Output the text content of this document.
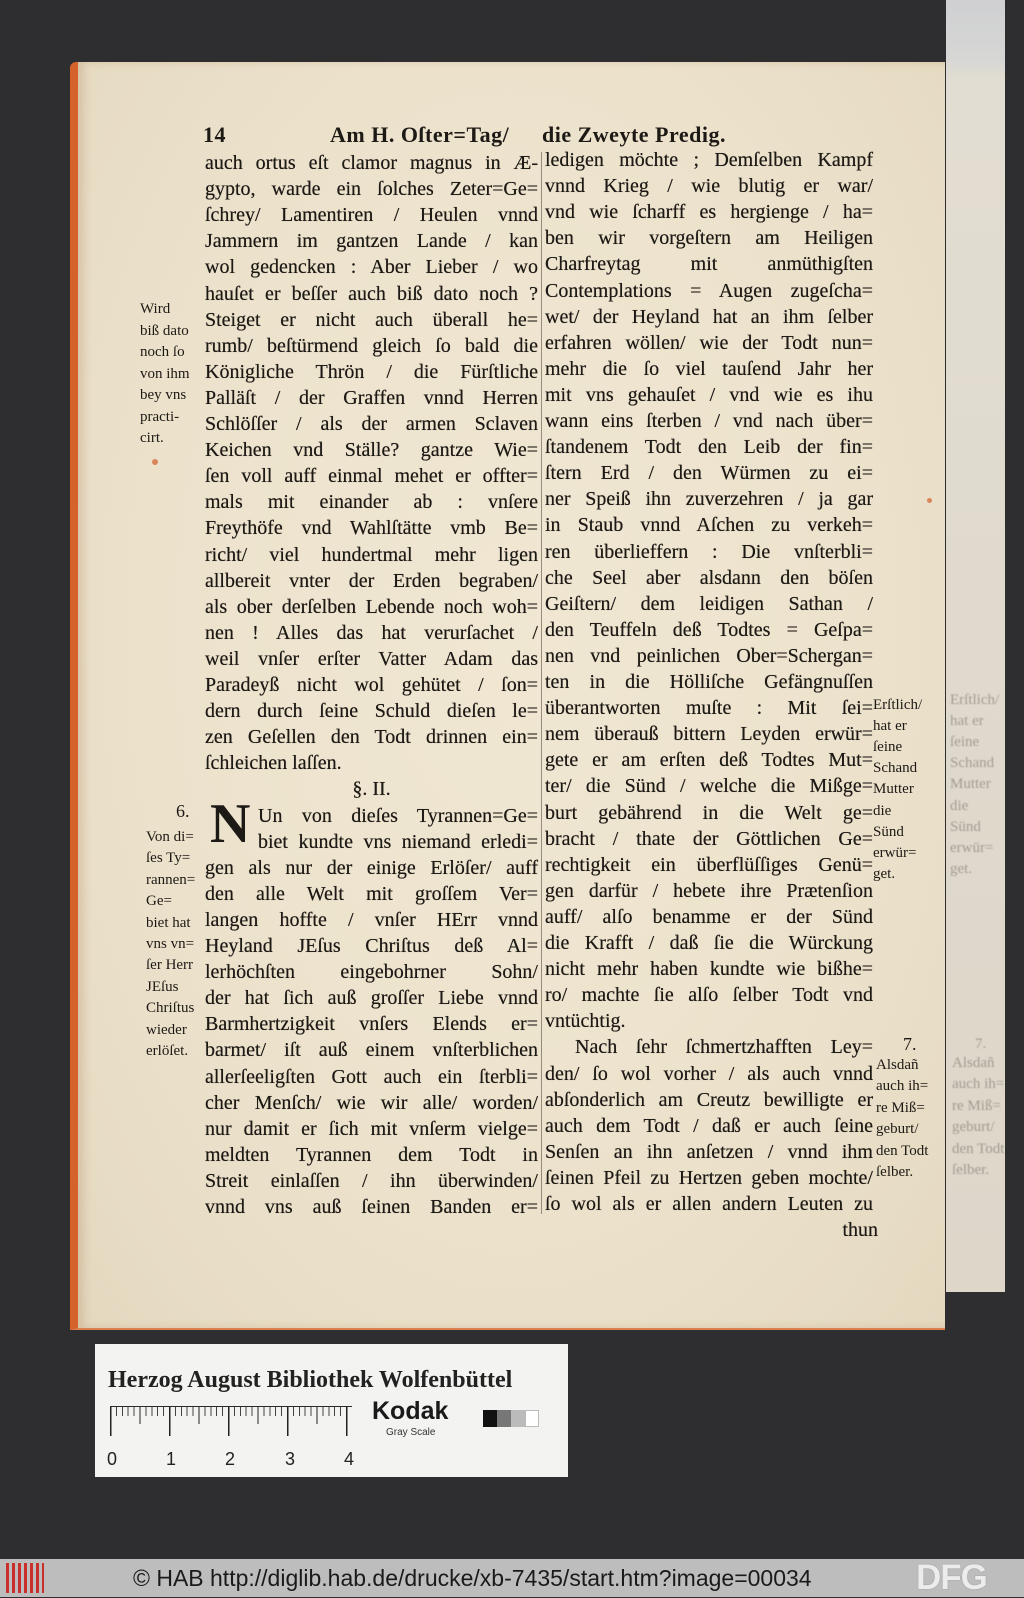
Erſtlich/
hat er
ſeine
Schand
Mutter
die
Sünd
erwür=
get.
7.
Alsdañ
auch ih=
re Miß=
geburt/
den Todt
ſelber.
14	Am H. Oſter=Tag/ die Zweyte Predig.
auch ortus eſt clamor magnus in Æ-
gypto, warde ein ſolches Zeter=Ge=
ſchrey/ Lamentiren / Heulen vnnd
Jammern im gantzen Lande / kan
wol gedencken : Aber Lieber / wo
hauſet er beſſer auch biß dato noch ?
Steiget er nicht auch überall he=
rumb/ beſtürmend gleich ſo bald die
Königliche Thrön / die Fürſtliche
Palläſt / der Graffen vnnd Herren
Schlöſſer / als der armen Sclaven
Keichen vnd Ställe? gantze Wie=
ſen voll auff einmal mehet er offter=
mals mit einander ab : vnſere
Freythöfe vnd Wahlſtätte vmb Be=
richt/ viel hundertmal mehr ligen
allbereit vnter der Erden begraben/
als ober derſelben Lebende noch woh=
nen ! Alles das hat verurſachet /
weil vnſer erſter Vatter Adam das
Paradeyß nicht wol gehütet / ſon=
dern durch ſeine Schuld dieſen le=
zen Geſellen den Todt drinnen ein=
ſchleichen laſſen.
§. II.
Un von dieſes Tyrannen=Ge=
biet kundte vns niemand erledi=
gen als nur der einige Erlöſer/ auff
den alle Welt mit groſſem Ver=
langen hoffte / vnſer HErr vnnd
Heyland JEſus Chriſtus deß Al=
lerhöchſten eingebohrner Sohn/
der hat ſich auß groſſer Liebe vnnd
Barmhertzigkeit vnſers Elends er=
barmet/ iſt auß einem vnſterblichen
allerſeeligſten Gott auch ein ſterbli=
cher Menſch/ wie wir alle/ worden/
nur damit er ſich mit vnſerm vielge=
meldten Tyrannen dem Todt in
Streit einlaſſen / ihn überwinden/
vnnd vns auß ſeinen Banden er=
ledigen möchte ; Demſelben Kampf
vnnd Krieg / wie blutig er war/
vnd wie ſcharff es hergienge / ha=
ben wir vorgeſtern am Heiligen
Charfreytag mit anmüthigſten
Contemplations = Augen zugeſcha=
wet/ der Heyland hat an ihm ſelber
erfahren wöllen/ wie der Todt nun=
mehr die ſo viel tauſend Jahr her
mit vns gehauſet / vnd wie es ihu
wann eins ſterben / vnd nach über=
ſtandenem Todt den Leib der fin=
ſtern Erd / den Würmen zu ei=
ner Speiß ihn zuverzehren / ja gar
in Staub vnnd Aſchen zu verkeh=
ren überlieffern : Die vnſterbli=
che Seel aber alsdann den böſen
Geiſtern/ dem leidigen Sathan /
den Teuffeln deß Todtes = Geſpa=
nen vnd peinlichen Ober=Schergan=
ten in die Hölliſche Gefängnuſſen
überantworten muſte : Mit ſei=
nem überauß bittern Leyden erwür=
gete er am erſten deß Todtes Mut=
ter/ die Sünd / welche die Mißge=
burt gebährend in die Welt ge=
bracht / thate der Göttlichen Ge=
rechtigkeit ein überflüſſiges Genü=
gen darfür / hebete ihre Prætenſion
auff/ alſo benamme er der Sünd
die Krafft / daß ſie die Würckung
nicht mehr haben kundte wie bißhe=
ro/ machte ſie alſo ſelber Todt vnd
vntüchtig.
Nach ſehr ſchmertzhafften Ley=
den/ ſo wol vorher / als auch vnnd
abſonderlich am Creutz bewilligte er
auch dem Todt / daß er auch ſeine
Senſen an ihn anſetzen / vnnd ihm
ſeinen Pfeil zu Hertzen geben mochte/
ſo wol als er allen andern Leuten zu
thun
N
Wird
biß dato
noch ſo
von ihm
bey vns
practi-
cirt.
6.
Von di=
ſes Ty=
rannen=
Ge=
biet hat
vns vn=
ſer Herr
JEſus
Chriſtus
wieder
erlöſet.
Erſtlich/
hat er
ſeine
Schand
Mutter
die
Sünd
erwür=
get.
7.
Alsdañ
auch ih=
re Miß=
geburt/
den Todt
ſelber.
Herzog August Bibliothek Wolfenbüttel
0	1	2	3	4
Kodak
Gray Scale
© HAB http://diglib.hab.de/drucke/xb-7435/start.htm?image=00034	DFG
